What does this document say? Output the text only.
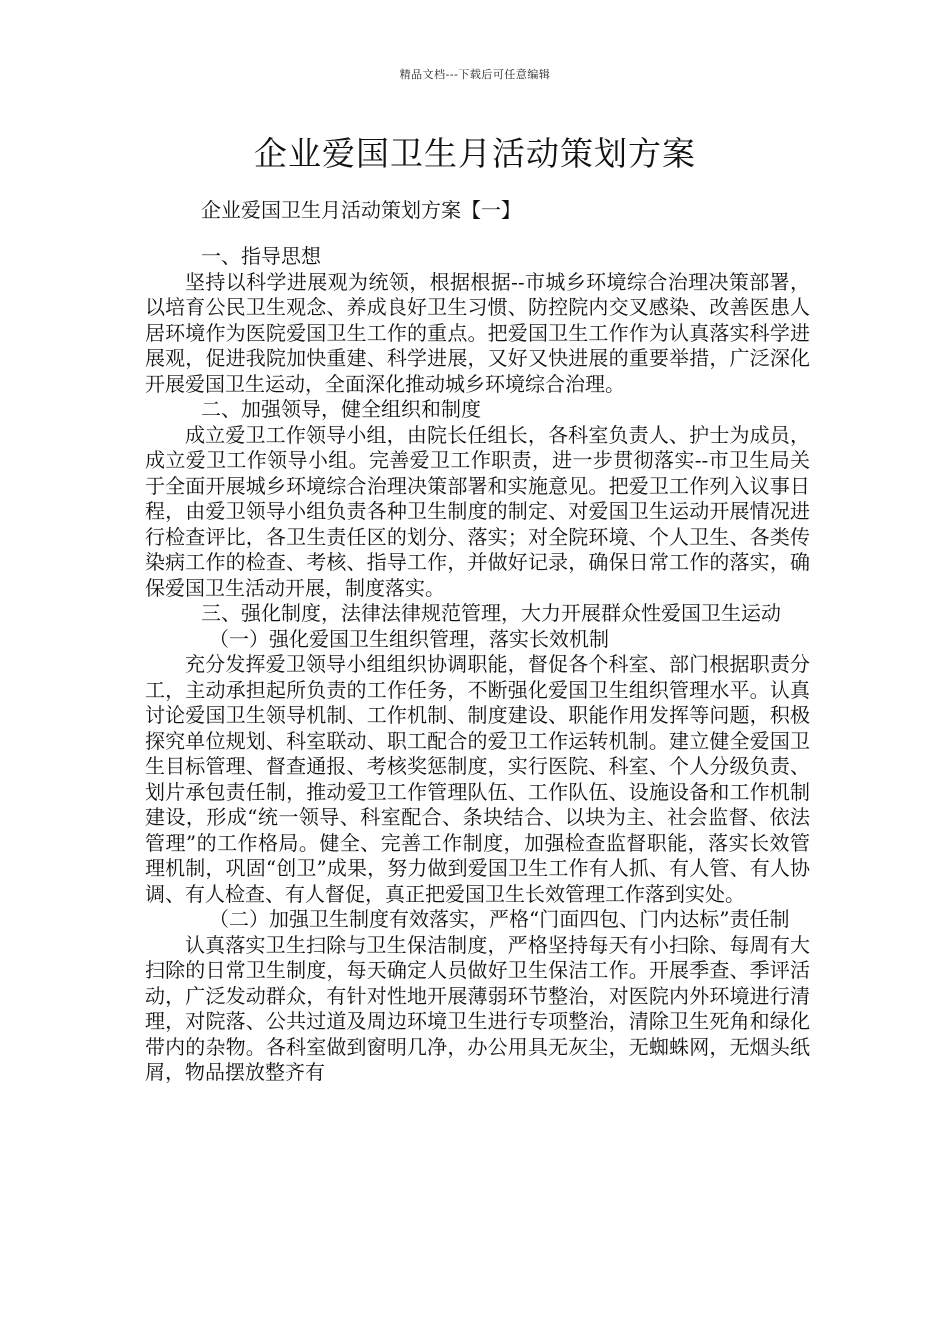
精品文档---下载后可任意编辑
企业爱国卫生月活动策划方案

企业爱国卫生月活动策划方案【一】

一、指导思想

坚持以科学进展观为统领，根据根据--市城乡环境综合治理决策部署，以培育公民卫生观念、养成良好卫生习惯、防控院内交叉感染、改善医患人居环境作为医院爱国卫生工作的重点。把爱国卫生工作作为认真落实科学进展观，促进我院加快重建、科学进展，又好又快进展的重要举措，广泛深化开展爱国卫生运动，全面深化推动城乡环境综合治理。

二、加强领导，健全组织和制度

成立爱卫工作领导小组，由院长任组长，各科室负责人、护士为成员，成立爱卫工作领导小组。完善爱卫工作职责，进一步贯彻落实--市卫生局关于全面开展城乡环境综合治理决策部署和实施意见。把爱卫工作列入议事日程，由爱卫领导小组负责各种卫生制度的制定、对爱国卫生运动开展情况进行检查评比，各卫生责任区的划分、落实；对全院环境、个人卫生、各类传染病工作的检查、考核、指导工作，并做好记录，确保日常工作的落实，确保爱国卫生活动开展，制度落实。

三、强化制度，法律法律规范管理，大力开展群众性爱国卫生运动

（一）强化爱国卫生组织管理，落实长效机制

充分发挥爱卫领导小组组织协调职能，督促各个科室、部门根据职责分工，主动承担起所负责的工作任务，不断强化爱国卫生组织管理水平。认真讨论爱国卫生领导机制、工作机制、制度建设、职能作用发挥等问题，积极探究单位规划、科室联动、职工配合的爱卫工作运转机制。建立健全爱国卫生目标管理、督查通报、考核奖惩制度，实行医院、科室、个人分级负责、划片承包责任制，推动爱卫工作管理队伍、工作队伍、设施设备和工作机制建设，形成“统一领导、科室配合、条块结合、以块为主、社会监督、依法管理”的工作格局。健全、完善工作制度，加强检查监督职能，落实长效管理机制，巩固“创卫”成果，努力做到爱国卫生工作有人抓、有人管、有人协调、有人检查、有人督促，真正把爱国卫生长效管理工作落到实处。

（二）加强卫生制度有效落实，严格“门面四包、门内达标”责任制

认真落实卫生扫除与卫生保洁制度，严格坚持每天有小扫除、每周有大扫除的日常卫生制度，每天确定人员做好卫生保洁工作。开展季查、季评活动，广泛发动群众，有针对性地开展薄弱环节整治，对医院内外环境进行清理，对院落、公共过道及周边环境卫生进行专项整治，清除卫生死角和绿化带内的杂物。各科室做到窗明几净，办公用具无灰尘，无蜘蛛网，无烟头纸屑，物品摆放整齐有
